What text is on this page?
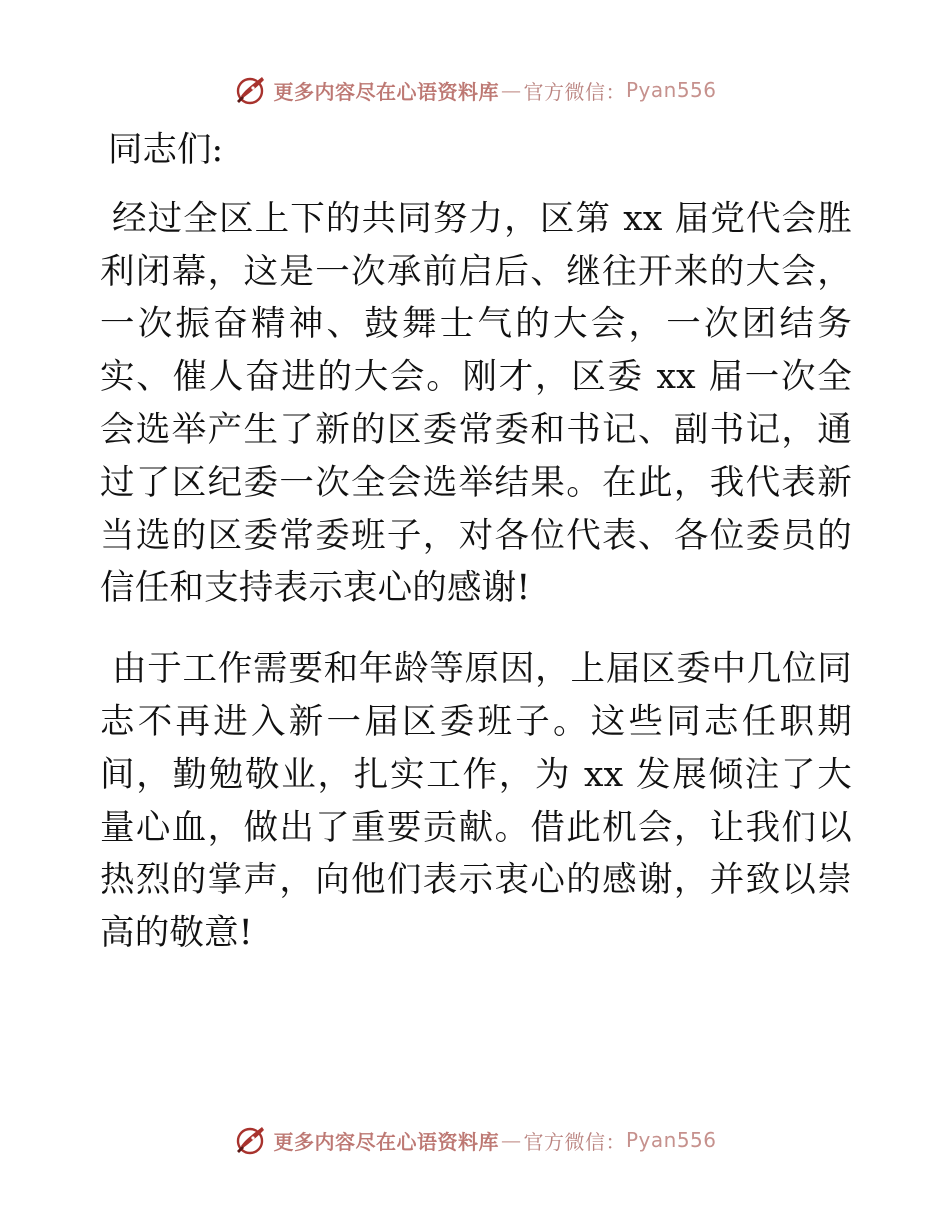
更多内容尽在心语资料库 — 官方微信： Pyan556
同志们:

经过全区上下的共同努力，区第 xx 届党代会胜利闭幕，这是一次承前启后、继往开来的大会，一次振奋精神、鼓舞士气的大会，一次团结务实、催人奋进的大会。刚才，区委 xx 届一次全会选举产生了新的区委常委和书记、副书记，通过了区纪委一次全会选举结果。在此，我代表新当选的区委常委班子，对各位代表、各位委员的信任和支持表示衷心的感谢!

由于工作需要和年龄等原因，上届区委中几位同志不再进入新一届区委班子。这些同志任职期间，勤勉敬业，扎实工作，为 xx 发展倾注了大量心血，做出了重要贡献。借此机会，让我们以热烈的掌声，向他们表示衷心的感谢，并致以崇高的敬意!

更多内容尽在心语资料库 — 官方微信： Pyan556
